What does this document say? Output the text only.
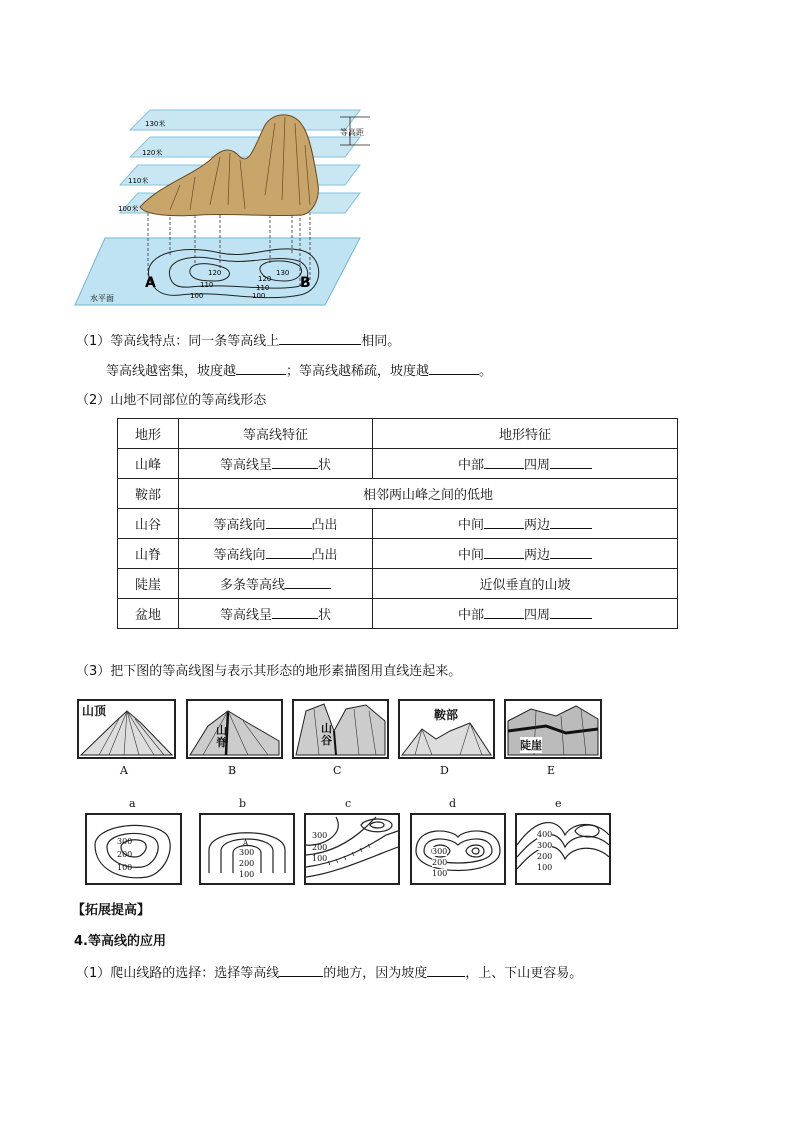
等高距
130米
120米
110米
100米
A	B
水平面
120
110
100
130
120
110
100
（1）等高线特点：同一条等高线上	相同。
等高线越密集，坡度越	；等高线越稀疏，坡度越	。
（2）山地不同部位的等高线形态
地形	等高线特征	地形特征
山峰	等高线呈 状	中部 四周
鞍部	相邻两山峰之间的低地	
山谷	等高线向 凸出	中间 两边
山脊	等高线向 凸出	中间 两边
陡崖	多条等高线	近似垂直的山坡
盆地	等高线呈 状	中部 四周
（3）把下图的等高线图与表示其形态的地形素描图用直线连起来。
山顶
A
山脊
B
山谷
C
鞍部
D
陡崖
E
a
300
200
100
b
A
300
200
100
c
300
200
100
d
300
200
100
e
400
300
200
100
【拓展提高】
4.等高线的应用
（1）爬山线路的选择：选择等高线	的地方，因为坡度	，上、下山更容易。
